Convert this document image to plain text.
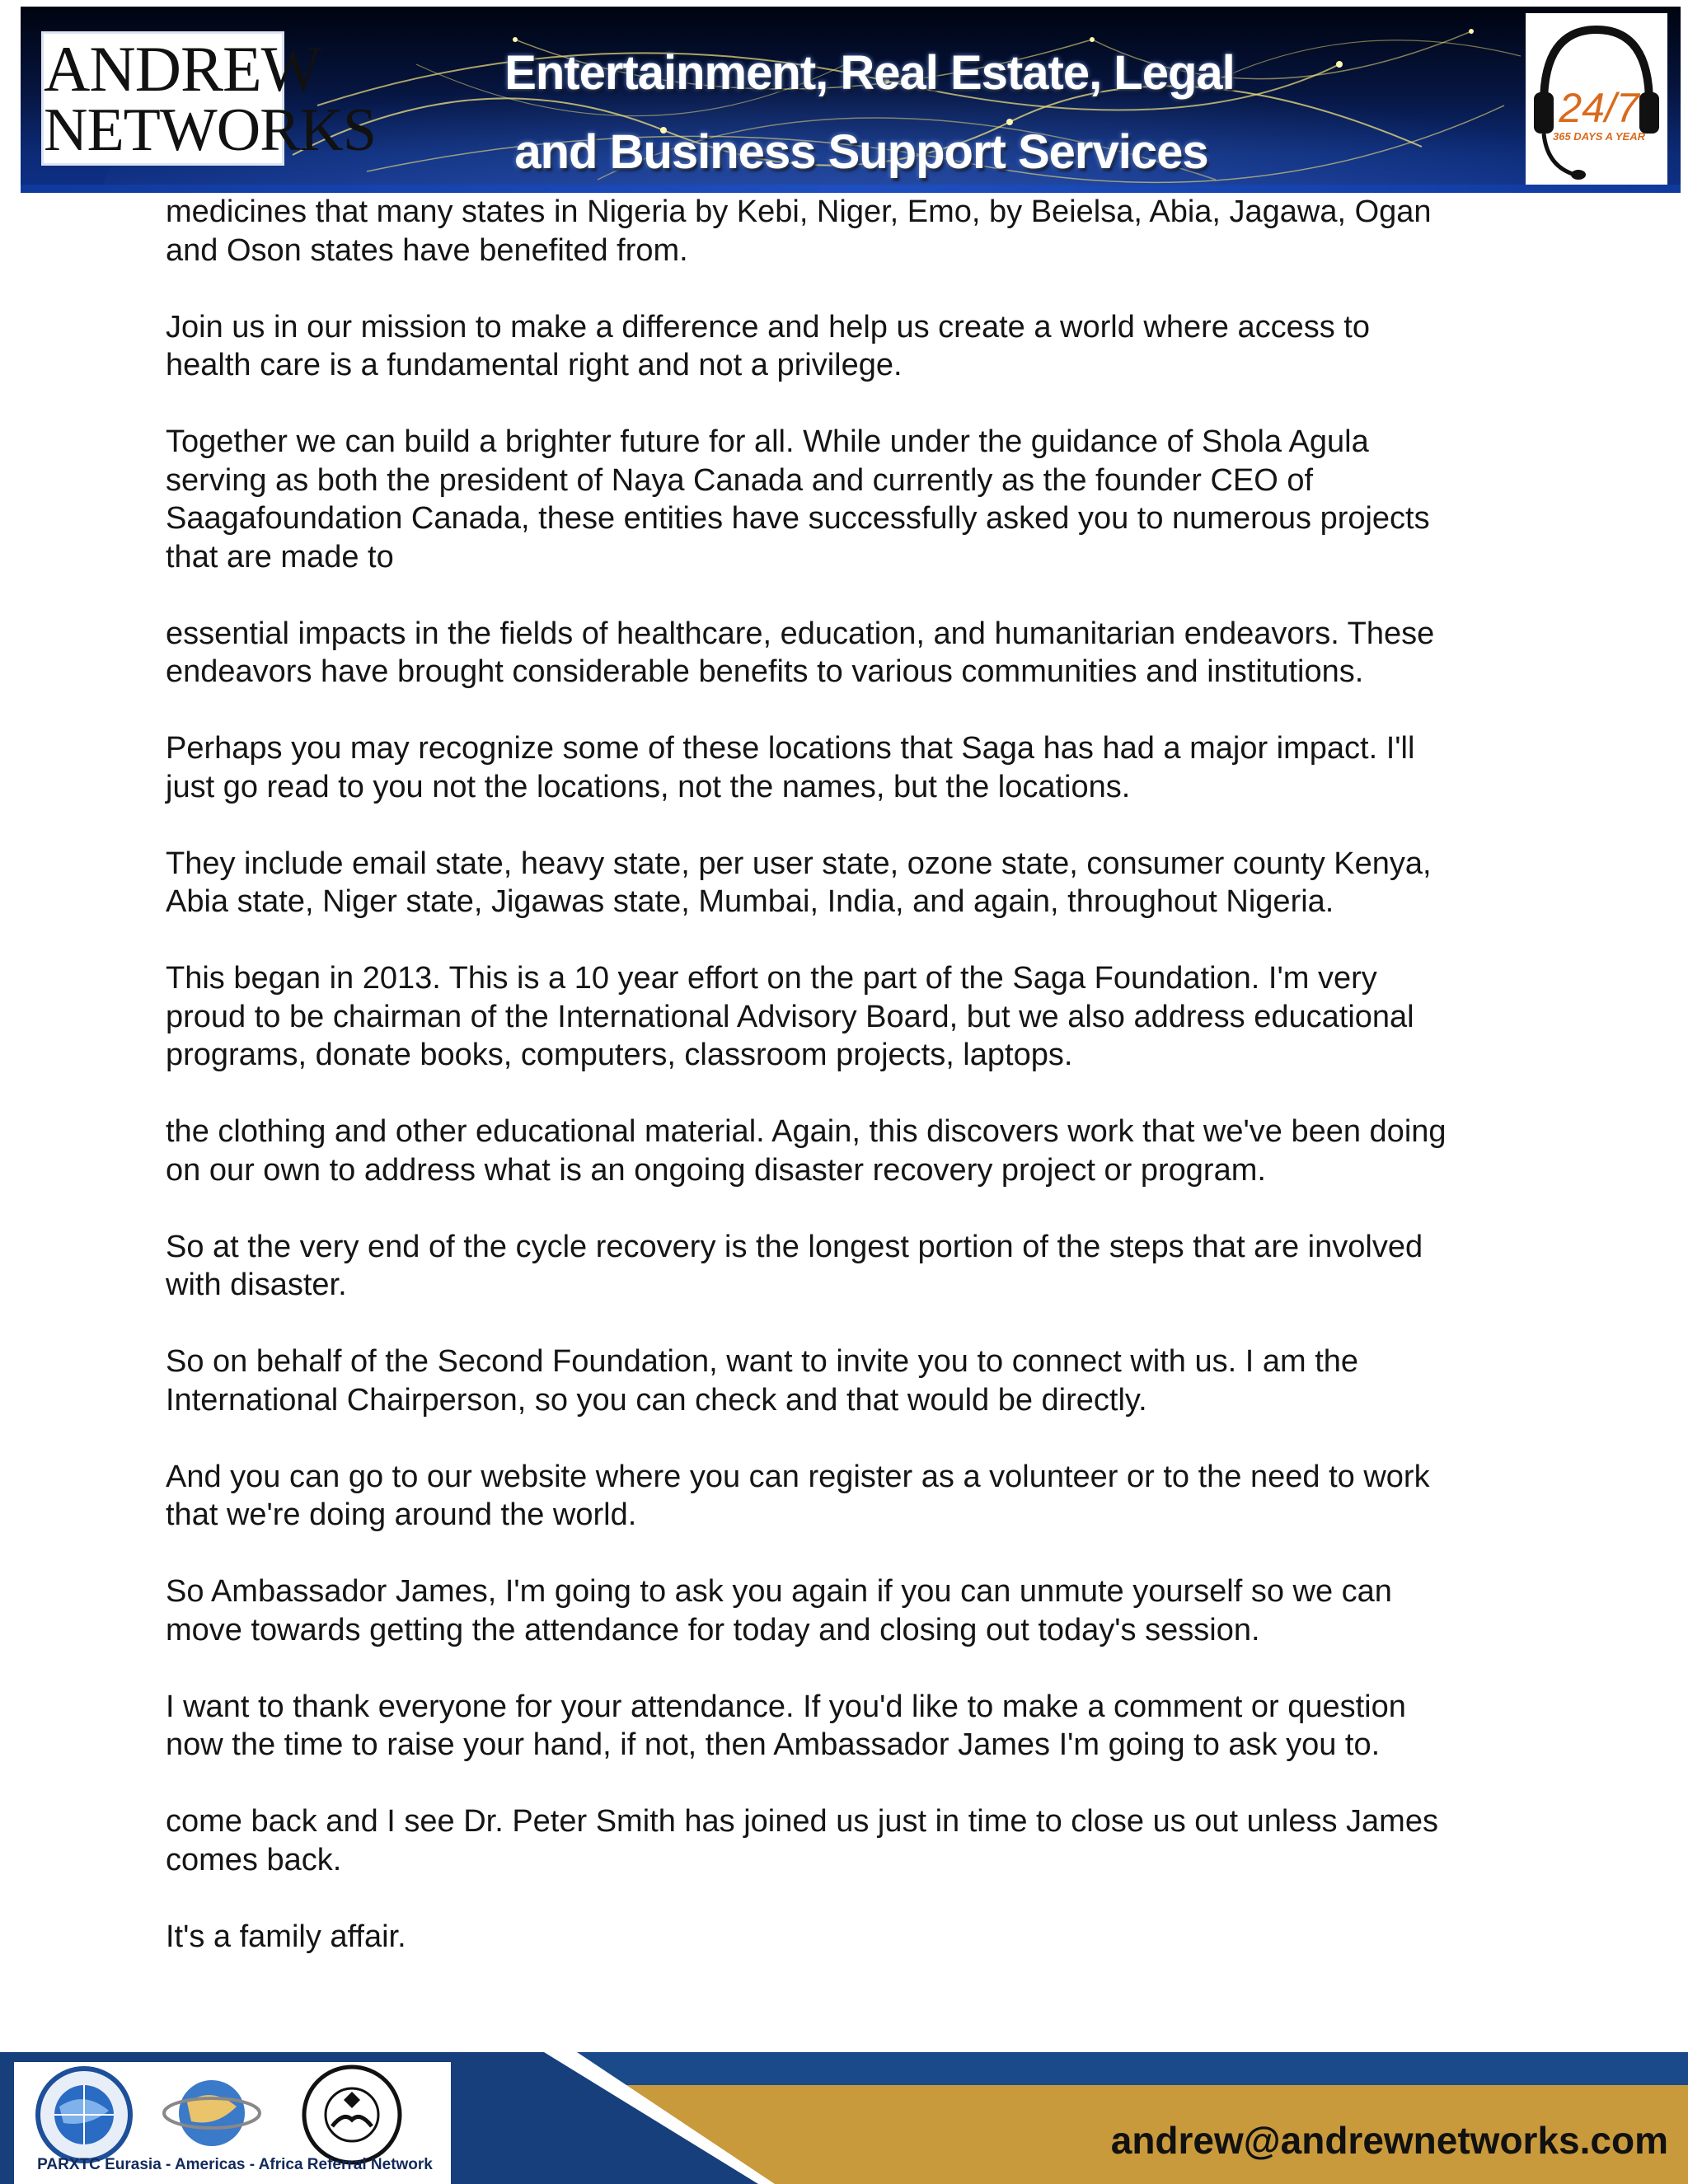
ANDREW
NETWORKS
Entertainment, Real Estate, Legal
and Business Support Services
24/7
365 DAYS A YEAR

medicines that many states in Nigeria by Kebi, Niger, Emo, by Beielsa, Abia, Jagawa, Ogan
and Oson states have benefited from.

Join us in our mission to make a difference and help us create a world where access to
health care is a fundamental right and not a privilege.

Together we can build a brighter future for all. While under the guidance of Shola Agula
serving as both the president of Naya Canada and currently as the founder CEO of
Saagafoundation Canada, these entities have successfully asked you to numerous projects
that are made to

essential impacts in the fields of healthcare, education, and humanitarian endeavors. These
endeavors have brought considerable benefits to various communities and institutions.

Perhaps you may recognize some of these locations that Saga has had a major impact. I'll
just go read to you not the locations, not the names, but the locations.

They include email state, heavy state, per user state, ozone state, consumer county Kenya,
Abia state, Niger state, Jigawas state, Mumbai, India, and again, throughout Nigeria.

This began in 2013. This is a 10 year effort on the part of the Saga Foundation. I'm very
proud to be chairman of the International Advisory Board, but we also address educational
programs, donate books, computers, classroom projects, laptops.

the clothing and other educational material. Again, this discovers work that we've been doing
on our own to address what is an ongoing disaster recovery project or program.

So at the very end of the cycle recovery is the longest portion of the steps that are involved
with disaster.

So on behalf of the Second Foundation, want to invite you to connect with us. I am the
International Chairperson, so you can check and that would be directly.

And you can go to our website where you can register as a volunteer or to the need to work
that we're doing around the world.

So Ambassador James, I'm going to ask you again if you can unmute yourself so we can
move towards getting the attendance for today and closing out today's session.

I want to thank everyone for your attendance. If you'd like to make a comment or question
now the time to raise your hand, if not, then Ambassador James I'm going to ask you to.

come back and I see Dr. Peter Smith has joined us just in time to close us out unless James
comes back.

It's a family affair.

PARXTC Eurasia - Americas - Africa Referral Network
andrew@andrewnetworks.com
